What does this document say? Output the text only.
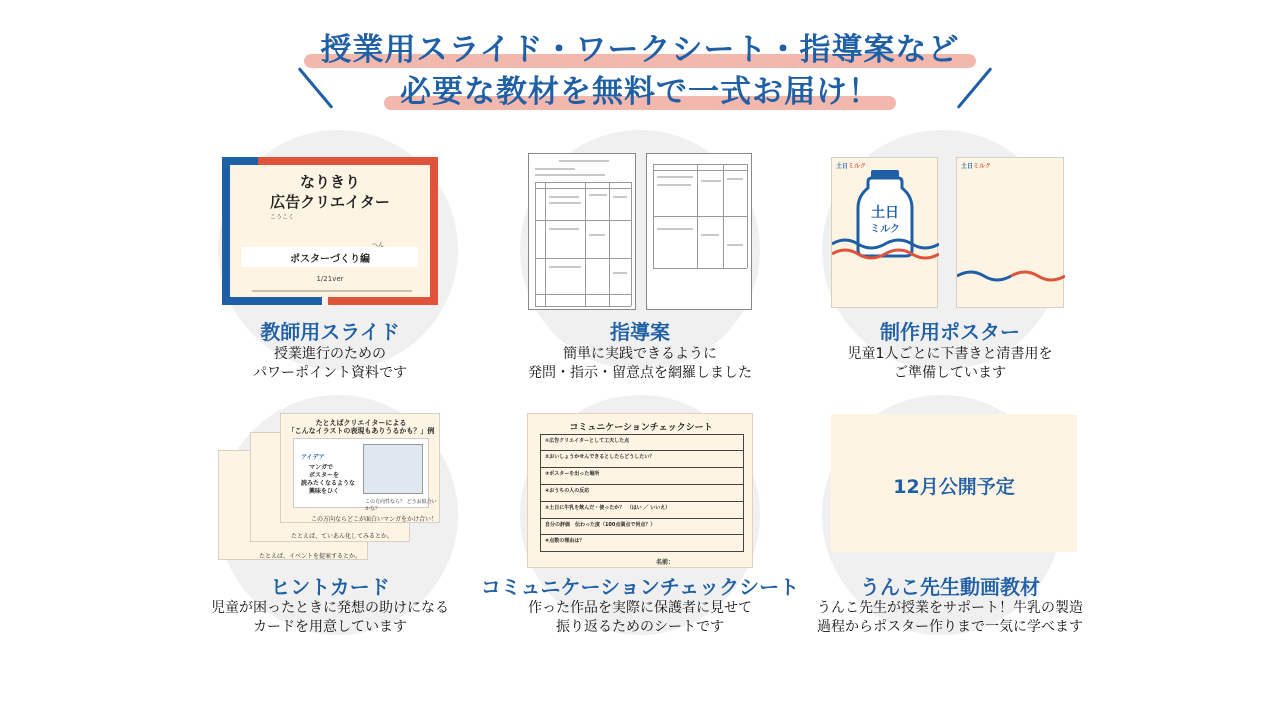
授業用スライド・ワークシート・指導案など
必要な教材を無料で一式お届け！
なりきり
広告クリエイター
こうこく
へん
ポスターづくり編
1/21ver
教師用スライド
授業進行のための
パワーポイント資料です
指導案
簡単に実践できるように
発問・指示・留意点を網羅しました
土日ミルク
土日
ミルク
土日ミルク
制作用ポスター
児童1人ごとに下書きと清書用を
ご準備しています
たとえば、イベントを提案するとか。
たとえば、ていあん化してみるとか。
たとえばクリエイターによる
「こんなイラストの表現もありうるかも？」例
アイデア
マンガで
ポスターを
読みたくなるような
興味をひく
この方向性なら？ どうお似合いかな？
この方向ならどこが面白いマンガをかけ合い！
ヒントカード
児童が困ったときに発想の助けになる
カードを用意しています
コミュニケーションチェックシート
①広告クリエイターとして工夫した点
②おいしょうかせんできるとしたらどうしたい？
③ポスターを出った場所
④おうちの人の反応
⑤土日に牛乳を飲んだ・使ったか？　（はい ／ いいえ）
自分の評価　伝わった度（100点満点で何点？）
⑥点数の理由は？
名前：
コミュニケーションチェックシート
作った作品を実際に保護者に見せて
振り返るためのシートです
12月公開予定
うんこ先生動画教材
うんこ先生が授業をサポート！牛乳の製造
過程からポスター作りまで一気に学べます
